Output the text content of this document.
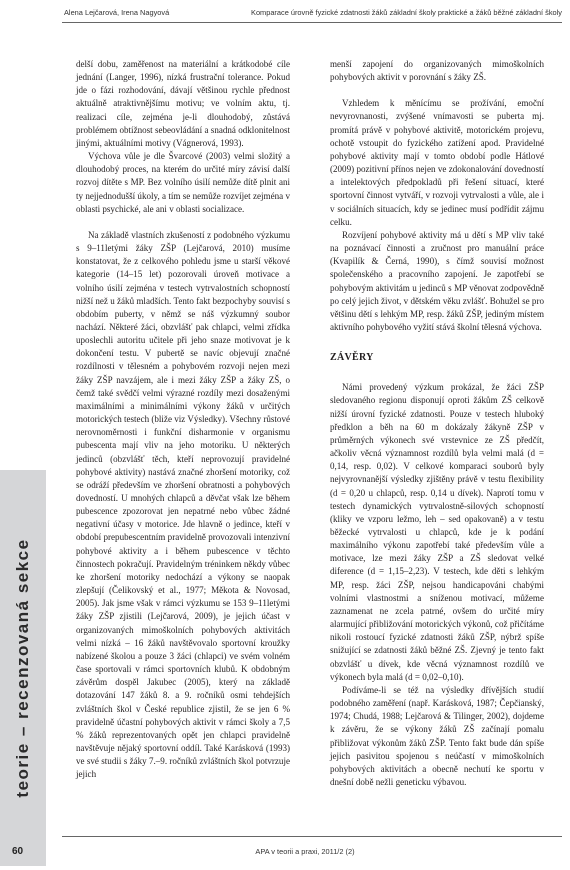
Alena Lejčarová, Irena Nagyová	Komparace úrovně fyzické zdatnosti žáků základní školy praktické a žáků běžné základní školy
teorie – recenzovaná sekce

delší dobu, zaměřenost na materiální a krátkodobé cíle jednání (Langer, 1996), nízká frustrační tolerance. Pokud jde o fázi rozhodování, dávají většinou rychle přednost aktuálně atraktivnějšímu motivu; ve volním aktu, tj. realizaci cíle, zejména je-li dlouhodobý, zůstává problémem obtížnost sebeovládání a snadná odklonitelnost jinými, aktuálními motivy (Vágnerová, 1993).

Výchova vůle je dle Švarcové (2003) velmi složitý a dlouhodobý proces, na kterém do určité míry závisí další rozvoj dítěte s MP. Bez volního úsilí nemůže dítě plnit ani ty nejjednodušší úkoly, a tím se nemůže rozvíjet zejména v oblasti psychické, ale ani v oblasti socializace.

Na základě vlastních zkušeností z podobného výzkumu s 9–11letými žáky ZŠP (Lejčarová, 2010) musíme konstatovat, že z celkového pohledu jsme u starší věkové kategorie (14–15 let) pozorovali úroveň motivace a volního úsilí zejména v testech vytrvalostních schopností nižší než u žáků mladších. Tento fakt bezpochyby souvisí s obdobím puberty, v němž se náš výzkumný soubor nachází. Některé žáci, obzvlášť pak chlapci, velmi zřídka uposlechli autoritu učitele při jeho snaze motivovat je k dokončení testu. V pubertě se navíc objevují značné rozdílnosti v tělesném a pohybovém rozvoji nejen mezi žáky ZŠP navzájem, ale i mezi žáky ZŠP a žáky ZŠ, o čemž také svědčí velmi výrazné rozdíly mezi dosaženými maximálními a minimálními výkony žáků v určitých motorických testech (bliže viz Výsledky). Všechny růstové nerovnoměrnosti i funkční disharmonie v organismu pubescenta mají vliv na jeho motoriku. U některých jedinců (obzvlášť těch, kteří neprovozují pravidelné pohybové aktivity) nastává značné zhoršení motoriky, což se odráží především ve zhoršení obratnosti a pohybových dovedností. U mnohých chlapců a děvčat však lze během pubescence zpozorovat jen nepatrné nebo vůbec žádné negativní účasy v motorice. Jde hlavně o jedince, kteří v období prepubescentním pravidelně provozovali intenzivní pohybové aktivity a i během pubescence v těchto činnostech pokračují. Pravidelným tréninkem někdy vůbec ke zhoršení motoriky nedochází a výkony se naopak zlepšují (Čelikovský et al., 1977; Měkota & Novosad, 2005). Jak jsme však v rámci výzkumu se 153 9–11letými žáky ZŠP zjistili (Lejčarová, 2009), je jejich účast v organizovaných mimoškolních pohybových aktivitách velmi nízká – 16 žáků navštěvovalo sportovní kroužky nabízené školou a pouze 3 žáci (chlapci) ve svém volném čase sportovali v rámci sportovních klubů. K obdobným závěrům dospěl Jakubec (2005), který na základě dotazování 147 žáků 8. a 9. ročníků osmi tehdejších zvláštních škol v České republice zjistil, že se jen 6 % pravidelně účastní pohybových aktivit v rámci školy a 7,5 % žáků reprezentovaných opět jen chlapci pravidelně navštěvuje nějaký sportovní oddíl. Také Karásková (1993) ve své studii s žáky 7.–9. ročníků zvláštních škol potvrzuje jejich

menší zapojení do organizovaných mimoškolních pohybových aktivit v porovnání s žáky ZŠ.

Vzhledem k měnícímu se prožívání, emoční nevyrovnanosti, zvýšené vnímavosti se puberta mj. promítá právě v pohybové aktivitě, motorickém projevu, ochotě vstoupit do fyzického zatížení apod. Pravidelné pohybové aktivity mají v tomto období podle Hátlové (2009) pozitivní přínos nejen ve zdokonalování dovedností a intelektových předpokladů při řešení situací, které sportovní činnost vytváří, v rozvoji vytrvalosti a vůle, ale i v sociálních situacích, kdy se jedinec musí podřídit zájmu celku.

Rozvíjení pohybové aktivity má u dětí s MP vliv také na poznávací činnosti a zručnost pro manuální práce (Kvapilík & Černá, 1990), s čímž souvisí možnost společenského a pracovního zapojení. Je zapotřebí se pohybovým aktivitám u jedinců s MP věnovat zodpovědně po celý jejich život, v dětském věku zvlášť. Bohužel se pro většinu dětí s lehkým MP, resp. žáků ZŠP, jediným místem aktivního pohybového vyžití stává školní tělesná výchova.

ZÁVĚRY

Námi provedený výzkum prokázal, že žáci ZŠP sledovaného regionu disponují oproti žákům ZŠ celkově nižší úrovní fyzické zdatnosti. Pouze v testech hluboký předklon a běh na 60 m dokázaly žákyně ZŠP v průměrných výkonech své vrstevnice ze ZŠ předčít, ačkoliv věcná významnost rozdílů byla velmi malá (d = 0,14, resp. 0,02). V celkové komparaci souborů byly nejvyrovnanější výsledky zjištěny právě v testu flexibility (d = 0,20 u chlapců, resp. 0,14 u dívek). Naprotí tomu v testech dynamických vytrvalostně-silových schopností (kliky ve vzporu ležmo, leh – sed opakovaně) a v testu běžecké vytrvalosti u chlapců, kde je k podání maximálního výkonu zapotřebí také především vůle a motivace, lze mezi žáky ZŠP a ZŠ sledovat velké diference (d = 1,15–2,23). V testech, kde děti s lehkým MP, resp. žáci ZŠP, nejsou handicapováni chabými volními vlastnostmi a sníženou motivací, můžeme zaznamenat ne zcela patrné, ovšem do určité míry alarmující přibližování motorických výkonů, což přičítáme nikoli rostoucí fyzické zdatnosti žáků ZŠP, nýbrž spíše snižující se zdatnosti žáků běžné ZŠ. Zjevný je tento fakt obzvlášť u dívek, kde věcná významnost rozdílů ve výkonech byla malá (d = 0,02–0,10).

Podíváme-li se též na výsledky dřívějších studií podobného zaměření (např. Karásková, 1987; Čepčianský, 1974; Chudá, 1988; Lejčarová & Tilinger, 2002), dojdeme k závěru, že se výkony žáků ZŠ začínají pomalu přibližovat výkonům žáků ZŠP. Tento fakt bude dán spíše jejich pasivitou spojenou s neúčastí v mimoškolních pohybových aktivitách a obecně nechutí ke sportu v dnešní době nežli geneticku výbavou.

60	APA v teorii a praxi, 2011/2 (2)
